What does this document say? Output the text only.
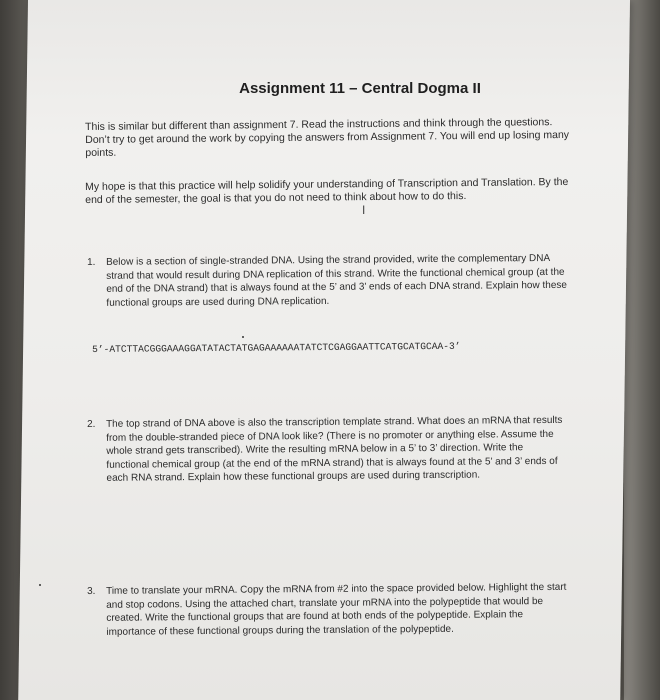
Assignment 11 – Central Dogma II
This is similar but different than assignment 7. Read the instructions and think through the questions. Don’t try to get around the work by copying the answers from Assignment 7. You will end up losing many points.
My hope is that this practice will help solidify your understanding of Transcription and Translation. By the end of the semester, the goal is that you do not need to think about how to do this.
I
1. Below is a section of single-stranded DNA. Using the strand provided, write the complementary DNA strand that would result during DNA replication of this strand. Write the functional chemical group (at the end of the DNA strand) that is always found at the 5’ and 3’ ends of each DNA strand. Explain how these functional groups are used during DNA replication.
5’-ATCTTACGGGAAAGGATATACTATGAGAAAAAATATCTCGAGGAATTCATGCATGCAA-3’
2. The top strand of DNA above is also the transcription template strand. What does an mRNA that results from the double-stranded piece of DNA look like? (There is no promoter or anything else. Assume the whole strand gets transcribed). Write the resulting mRNA below in a 5’ to 3’ direction. Write the functional chemical group (at the end of the mRNA strand) that is always found at the 5’ and 3’ ends of each RNA strand. Explain how these functional groups are used during transcription.
3. Time to translate your mRNA. Copy the mRNA from #2 into the space provided below. Highlight the start and stop codons. Using the attached chart, translate your mRNA into the polypeptide that would be created. Write the functional groups that are found at both ends of the polypeptide. Explain the importance of these functional groups during the translation of the polypeptide.
